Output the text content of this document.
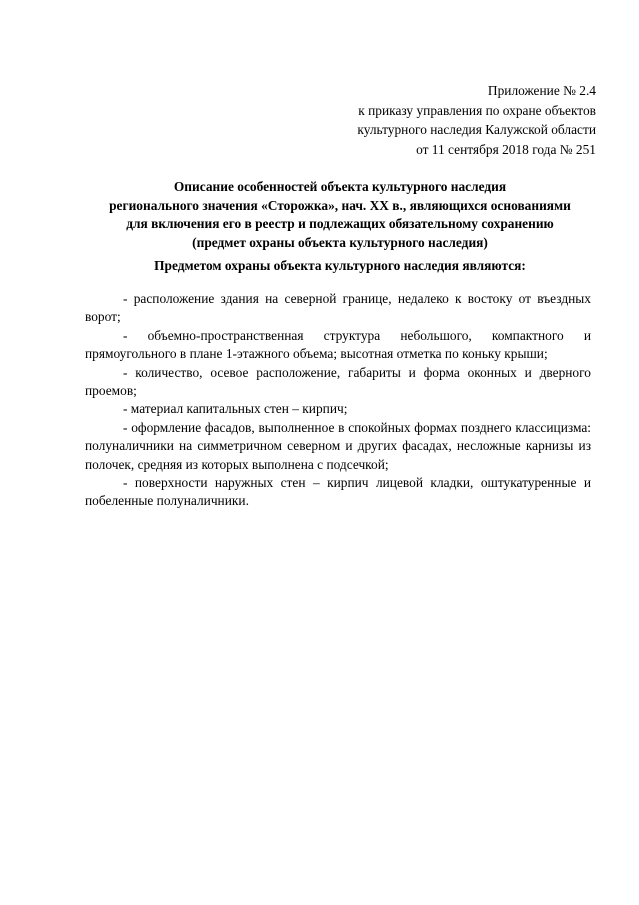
Приложение № 2.4
к приказу управления по охране объектов
культурного наследия Калужской области
от 11 сентября 2018 года № 251
Описание особенностей объекта культурного наследия
регионального значения «Сторожка», нач. XX в., являющихся основаниями
для включения его в реестр и подлежащих обязательному сохранению
(предмет охраны объекта культурного наследия)
Предметом охраны объекта культурного наследия являются:

- расположение здания на северной границе, недалеко к востоку от въездных ворот;

- объемно-пространственная структура небольшого, компактного и прямоугольного в плане 1-этажного объема; высотная отметка по коньку крыши;

- количество, осевое расположение, габариты и форма оконных и дверного проемов;

- материал капитальных стен – кирпич;

- оформление фасадов, выполненное в спокойных формах позднего классицизма: полуналичники на симметричном северном и других фасадах, несложные карнизы из полочек, средняя из которых выполнена с подсечкой;

- поверхности наружных стен – кирпич лицевой кладки, оштукатуренные и побеленные полуналичники.
